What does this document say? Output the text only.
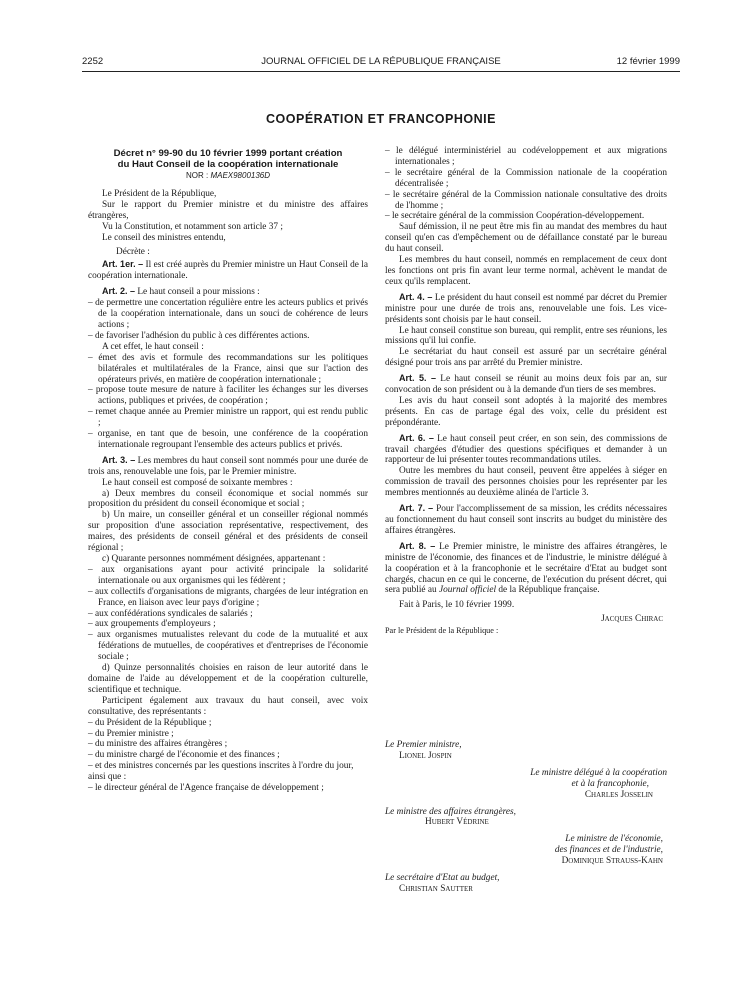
2252	JOURNAL OFFICIEL DE LA RÉPUBLIQUE FRANÇAISE	12 février 1999
COOPÉRATION ET FRANCOPHONIE

Décret n° 99-90 du 10 février 1999 portant création

du Haut Conseil de la coopération internationale

NOR : MAEX9800136D

Le Président de la République,

Sur le rapport du Premier ministre et du ministre des affaires étrangères,

Vu la Constitution, et notamment son article 37 ;

Le conseil des ministres entendu,

Décrète :

Art. 1er. – Il est créé auprès du Premier ministre un Haut Conseil de la coopération internationale.

Art. 2. – Le haut conseil a pour missions :

– de permettre une concertation régulière entre les acteurs publics et privés de la coopération internationale, dans un souci de cohérence de leurs actions ;

– de favoriser l'adhésion du public à ces différentes actions.

A cet effet, le haut conseil :

– émet des avis et formule des recommandations sur les politiques bilatérales et multilatérales de la France, ainsi que sur l'action des opérateurs privés, en matière de coopération internationale ;

– propose toute mesure de nature à faciliter les échanges sur les diverses actions, publiques et privées, de coopération ;

– remet chaque année au Premier ministre un rapport, qui est rendu public ;

– organise, en tant que de besoin, une conférence de la coopération internationale regroupant l'ensemble des acteurs publics et privés.

Art. 3. – Les membres du haut conseil sont nommés pour une durée de trois ans, renouvelable une fois, par le Premier ministre.

Le haut conseil est composé de soixante membres :

a) Deux membres du conseil économique et social nommés sur proposition du président du conseil économique et social ;

b) Un maire, un conseiller général et un conseiller régional nommés sur proposition d'une association représentative, respectivement, des maires, des présidents de conseil général et des présidents de conseil régional ;

c) Quarante personnes nommément désignées, appartenant :

– aux organisations ayant pour activité principale la solidarité internationale ou aux organismes qui les fédèrent ;

– aux collectifs d'organisations de migrants, chargées de leur intégration en France, en liaison avec leur pays d'origine ;

– aux confédérations syndicales de salariés ;

– aux groupements d'employeurs ;

– aux organismes mutualistes relevant du code de la mutualité et aux fédérations de mutuelles, de coopératives et d'entreprises de l'économie sociale ;

d) Quinze personnalités choisies en raison de leur autorité dans le domaine de l'aide au développement et de la coopération culturelle, scientifique et technique.

Participent également aux travaux du haut conseil, avec voix consultative, des représentants :

– du Président de la République ;

– du Premier ministre ;

– du ministre des affaires étrangères ;

– du ministre chargé de l'économie et des finances ;

– et des ministres concernés par les questions inscrites à l'ordre du jour,

ainsi que :

– le directeur général de l'Agence française de développement ;

– le délégué interministériel au codéveloppement et aux migrations internationales ;

– le secrétaire général de la Commission nationale de la coopération décentralisée ;

– le secrétaire général de la Commission nationale consultative des droits de l'homme ;

– le secrétaire général de la commission Coopération-développement.

Sauf démission, il ne peut être mis fin au mandat des membres du haut conseil qu'en cas d'empêchement ou de défaillance constaté par le bureau du haut conseil.

Les membres du haut conseil, nommés en remplacement de ceux dont les fonctions ont pris fin avant leur terme normal, achèvent le mandat de ceux qu'ils remplacent.

Art. 4. – Le président du haut conseil est nommé par décret du Premier ministre pour une durée de trois ans, renouvelable une fois. Les vice-présidents sont choisis par le haut conseil.

Le haut conseil constitue son bureau, qui remplit, entre ses réunions, les missions qu'il lui confie.

Le secrétariat du haut conseil est assuré par un secrétaire général désigné pour trois ans par arrêté du Premier ministre.

Art. 5. – Le haut conseil se réunit au moins deux fois par an, sur convocation de son président ou à la demande d'un tiers de ses membres.

Les avis du haut conseil sont adoptés à la majorité des membres présents. En cas de partage égal des voix, celle du président est prépondérante.

Art. 6. – Le haut conseil peut créer, en son sein, des commissions de travail chargées d'étudier des questions spécifiques et demander à un rapporteur de lui présenter toutes recommandations utiles.

Outre les membres du haut conseil, peuvent être appelées à siéger en commission de travail des personnes choisies pour les représenter par les membres mentionnés au deuxième alinéa de l'article 3.

Art. 7. – Pour l'accomplissement de sa mission, les crédits nécessaires au fonctionnement du haut conseil sont inscrits au budget du ministère des affaires étrangères.

Art. 8. – Le Premier ministre, le ministre des affaires étrangères, le ministre de l'économie, des finances et de l'industrie, le ministre délégué à la coopération et à la francophonie et le secrétaire d'Etat au budget sont chargés, chacun en ce qui le concerne, de l'exécution du présent décret, qui sera publié au Journal officiel de la République française.

Fait à Paris, le 10 février 1999.

Jacques Chirac

Par le Président de la République :

Le Premier ministre,

Lionel Jospin

Le ministre délégué à la coopération

et à la francophonie,

Charles Josselin

Le ministre des affaires étrangères,

Hubert Védrine

Le ministre de l'économie,

des finances et de l'industrie,

Dominique Strauss-Kahn

Le secrétaire d'Etat au budget,

Christian Sautter
